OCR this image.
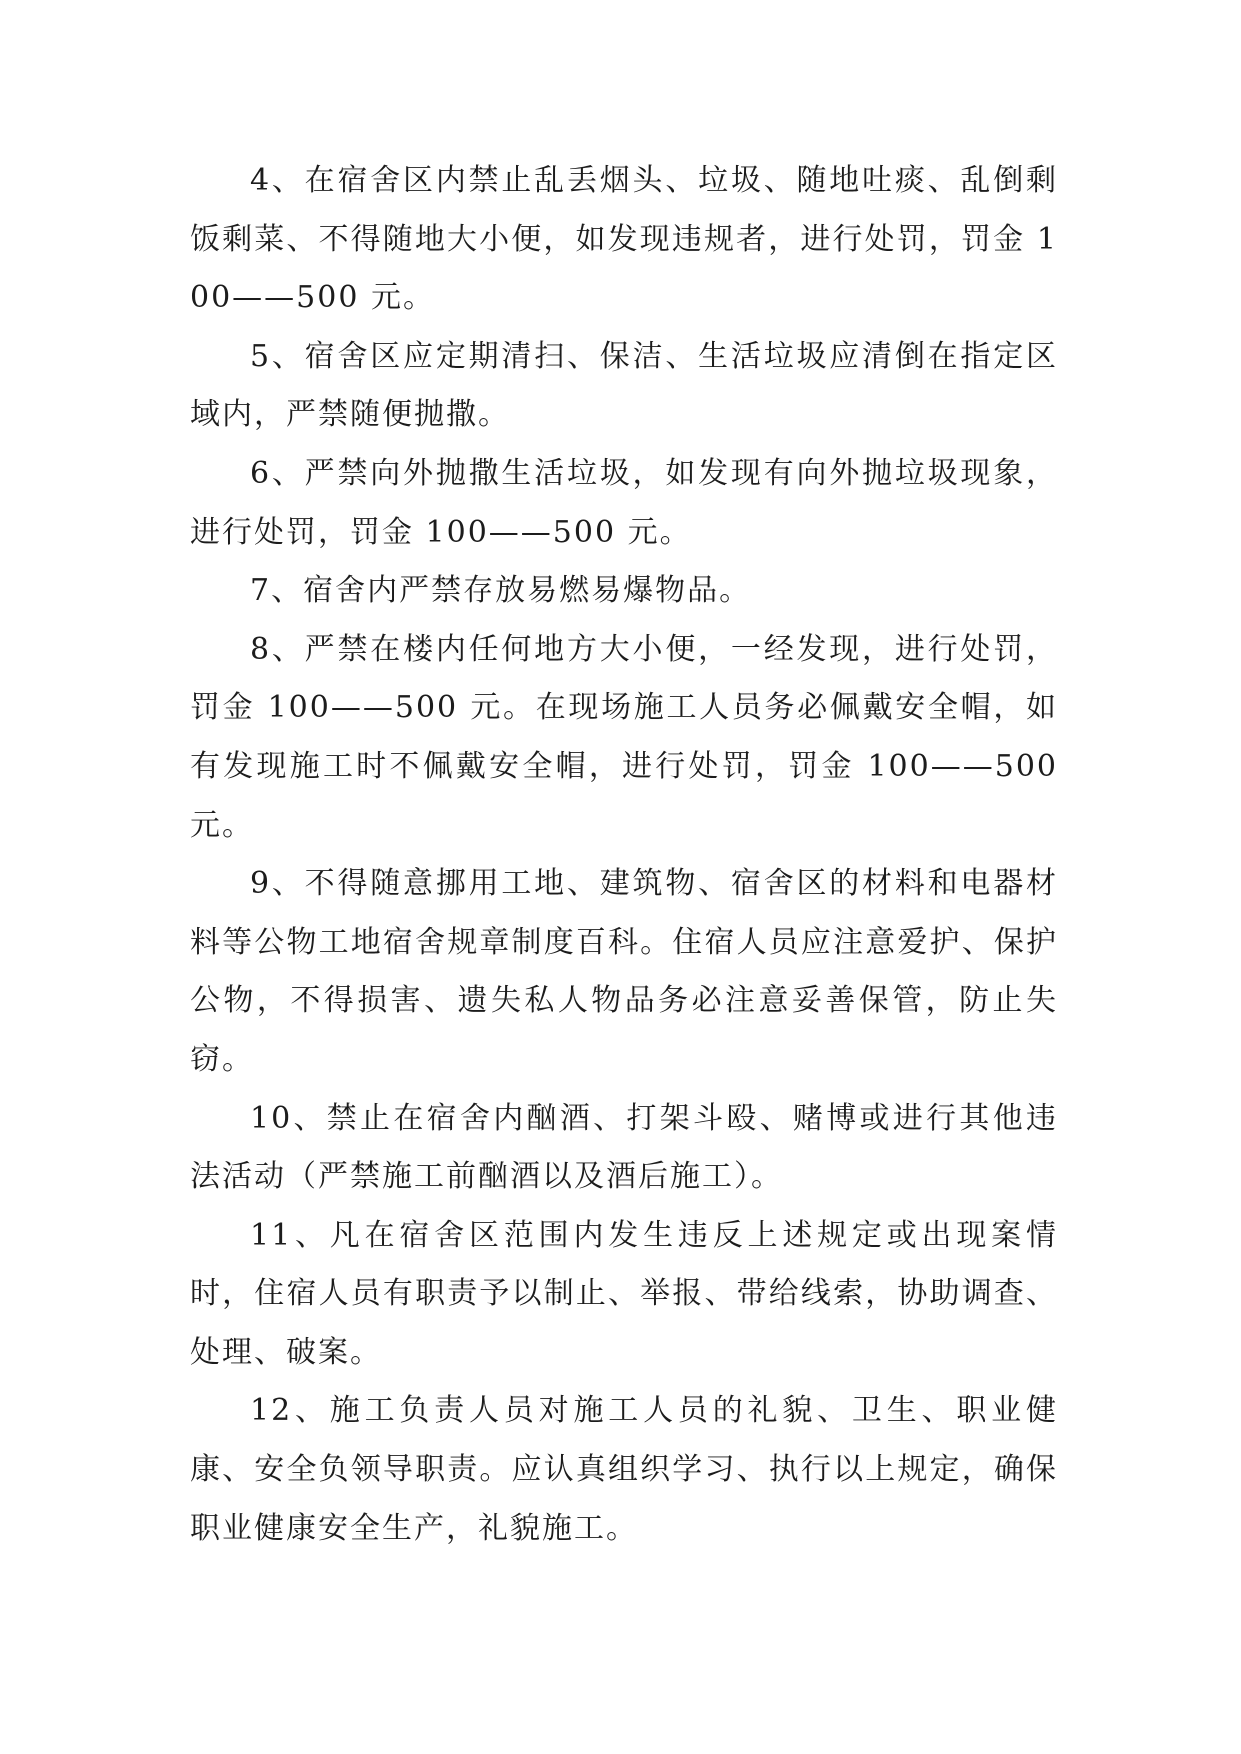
4、在宿舍区内禁止乱丢烟头、垃圾、随地吐痰、乱倒剩饭剩菜、不得随地大小便，如发现违规者，进行处罚，罚金 100——500 元。

5、宿舍区应定期清扫、保洁、生活垃圾应清倒在指定区域内，严禁随便抛撒。

6、严禁向外抛撒生活垃圾，如发现有向外抛垃圾现象，进行处罚，罚金 100——500 元。

7、宿舍内严禁存放易燃易爆物品。

8、严禁在楼内任何地方大小便，一经发现，进行处罚，罚金 100——500 元。在现场施工人员务必佩戴安全帽，如有发现施工时不佩戴安全帽，进行处罚，罚金 100——500 元。

9、不得随意挪用工地、建筑物、宿舍区的材料和电器材料等公物工地宿舍规章制度百科。住宿人员应注意爱护、保护公物，不得损害、遗失私人物品务必注意妥善保管，防止失窃。

10、禁止在宿舍内酗酒、打架斗殴、赌博或进行其他违法活动（严禁施工前酗酒以及酒后施工）。

11、凡在宿舍区范围内发生违反上述规定或出现案情时，住宿人员有职责予以制止、举报、带给线索，协助调查、处理、破案。

12、施工负责人员对施工人员的礼貌、卫生、职业健康、安全负领导职责。应认真组织学习、执行以上规定，确保职业健康安全生产，礼貌施工。
